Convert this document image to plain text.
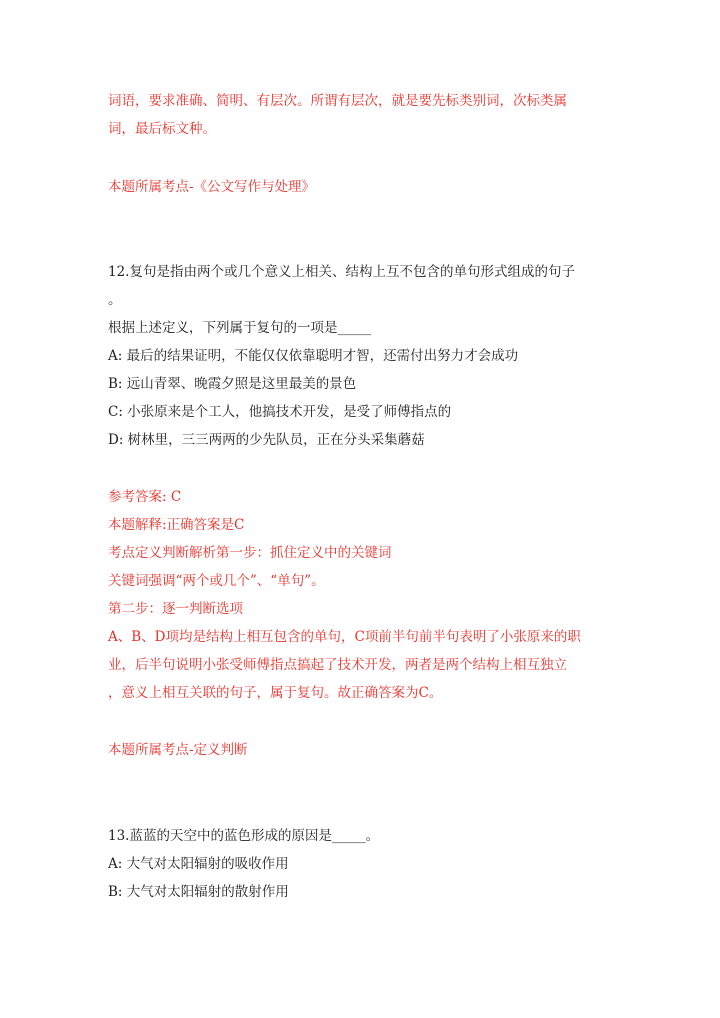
词语，要求准确、简明、有层次。所谓有层次，就是要先标类别词，次标类属
词，最后标文种。
本题所属考点-《公文写作与处理》
12.复句是指由两个或几个意义上相关、结构上互不包含的单句形式组成的句子
。
根据上述定义，下列属于复句的一项是_____
A: 最后的结果证明，不能仅仅依靠聪明才智，还需付出努力才会成功
B: 远山青翠、晚霞夕照是这里最美的景色
C: 小张原来是个工人，他搞技术开发，是受了师傅指点的
D: 树林里，三三两两的少先队员，正在分头采集蘑菇
参考答案: C
本题解释:正确答案是C
考点定义判断解析第一步：抓住定义中的关键词
关键词强调“两个或几个”、“单句”。
第二步：逐一判断选项
A、B、D项均是结构上相互包含的单句，C项前半句前半句表明了小张原来的职
业，后半句说明小张受师傅指点搞起了技术开发，两者是两个结构上相互独立
，意义上相互关联的句子，属于复句。故正确答案为C。
本题所属考点-定义判断
13.蓝蓝的天空中的蓝色形成的原因是_____。
A: 大气对太阳辐射的吸收作用
B: 大气对太阳辐射的散射作用
